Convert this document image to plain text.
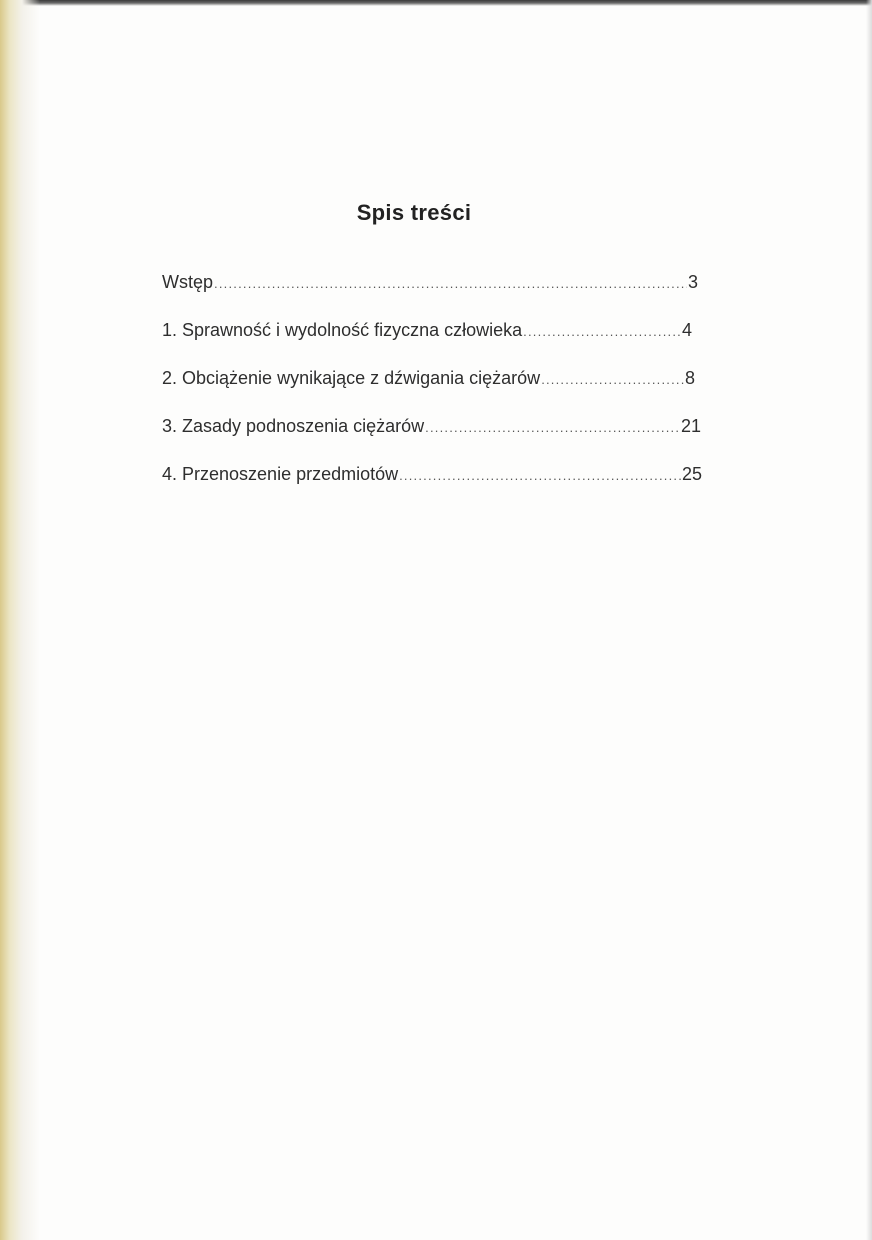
Spis treści
Wstęp .....	3
1. Sprawność i wydolność fizyczna człowieka .....	4
2. Obciążenie wynikające z dźwigania ciężarów .....	8
3. Zasady podnoszenia ciężarów .....	21
4. Przenoszenie przedmiotów .....	25
